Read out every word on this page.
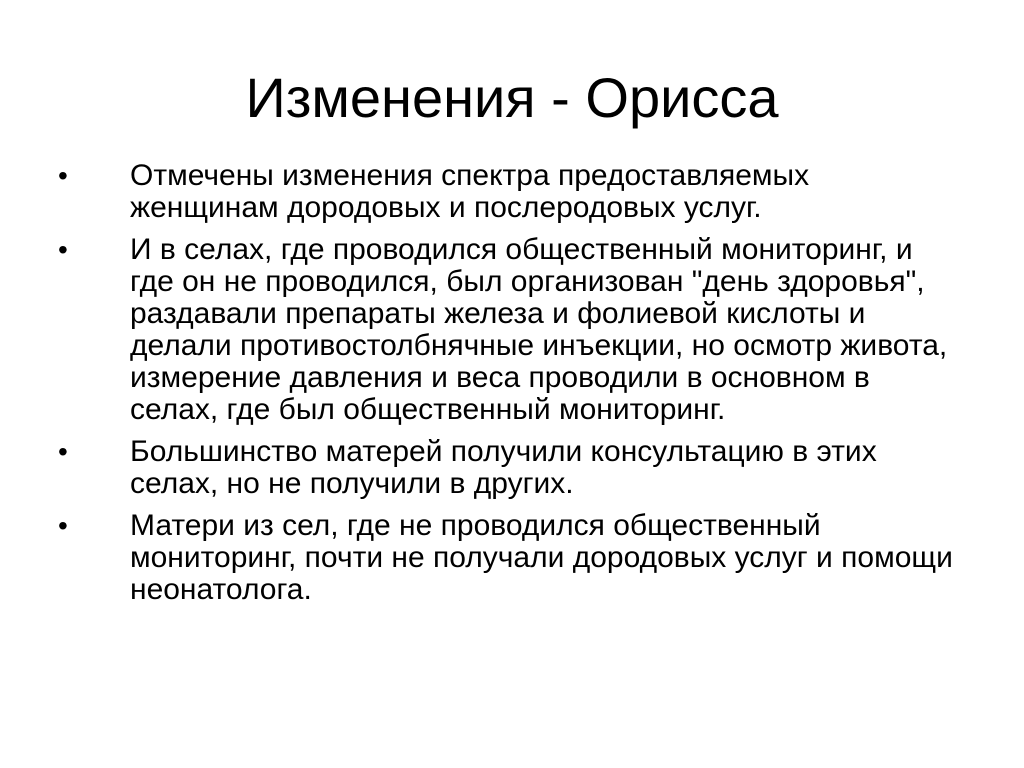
Изменения - Орисса
•	Отмечены изменения спектра предоставляемых женщинам дородовых и послеродовых услуг.
•	И в селах, где проводился общественный мониторинг, и где он не проводился, был организован "день здоровья", раздавали препараты железа и фолиевой кислоты и делали противостолбнячные инъекции, но осмотр живота, измерение давления и веса проводили в основном в селах, где был общественный мониторинг.
•	Большинство матерей получили консультацию в этих селах, но не получили в других.
•	Матери из сел, где не проводился общественный мониторинг, почти не получали дородовых услуг и помощи неонатолога.
